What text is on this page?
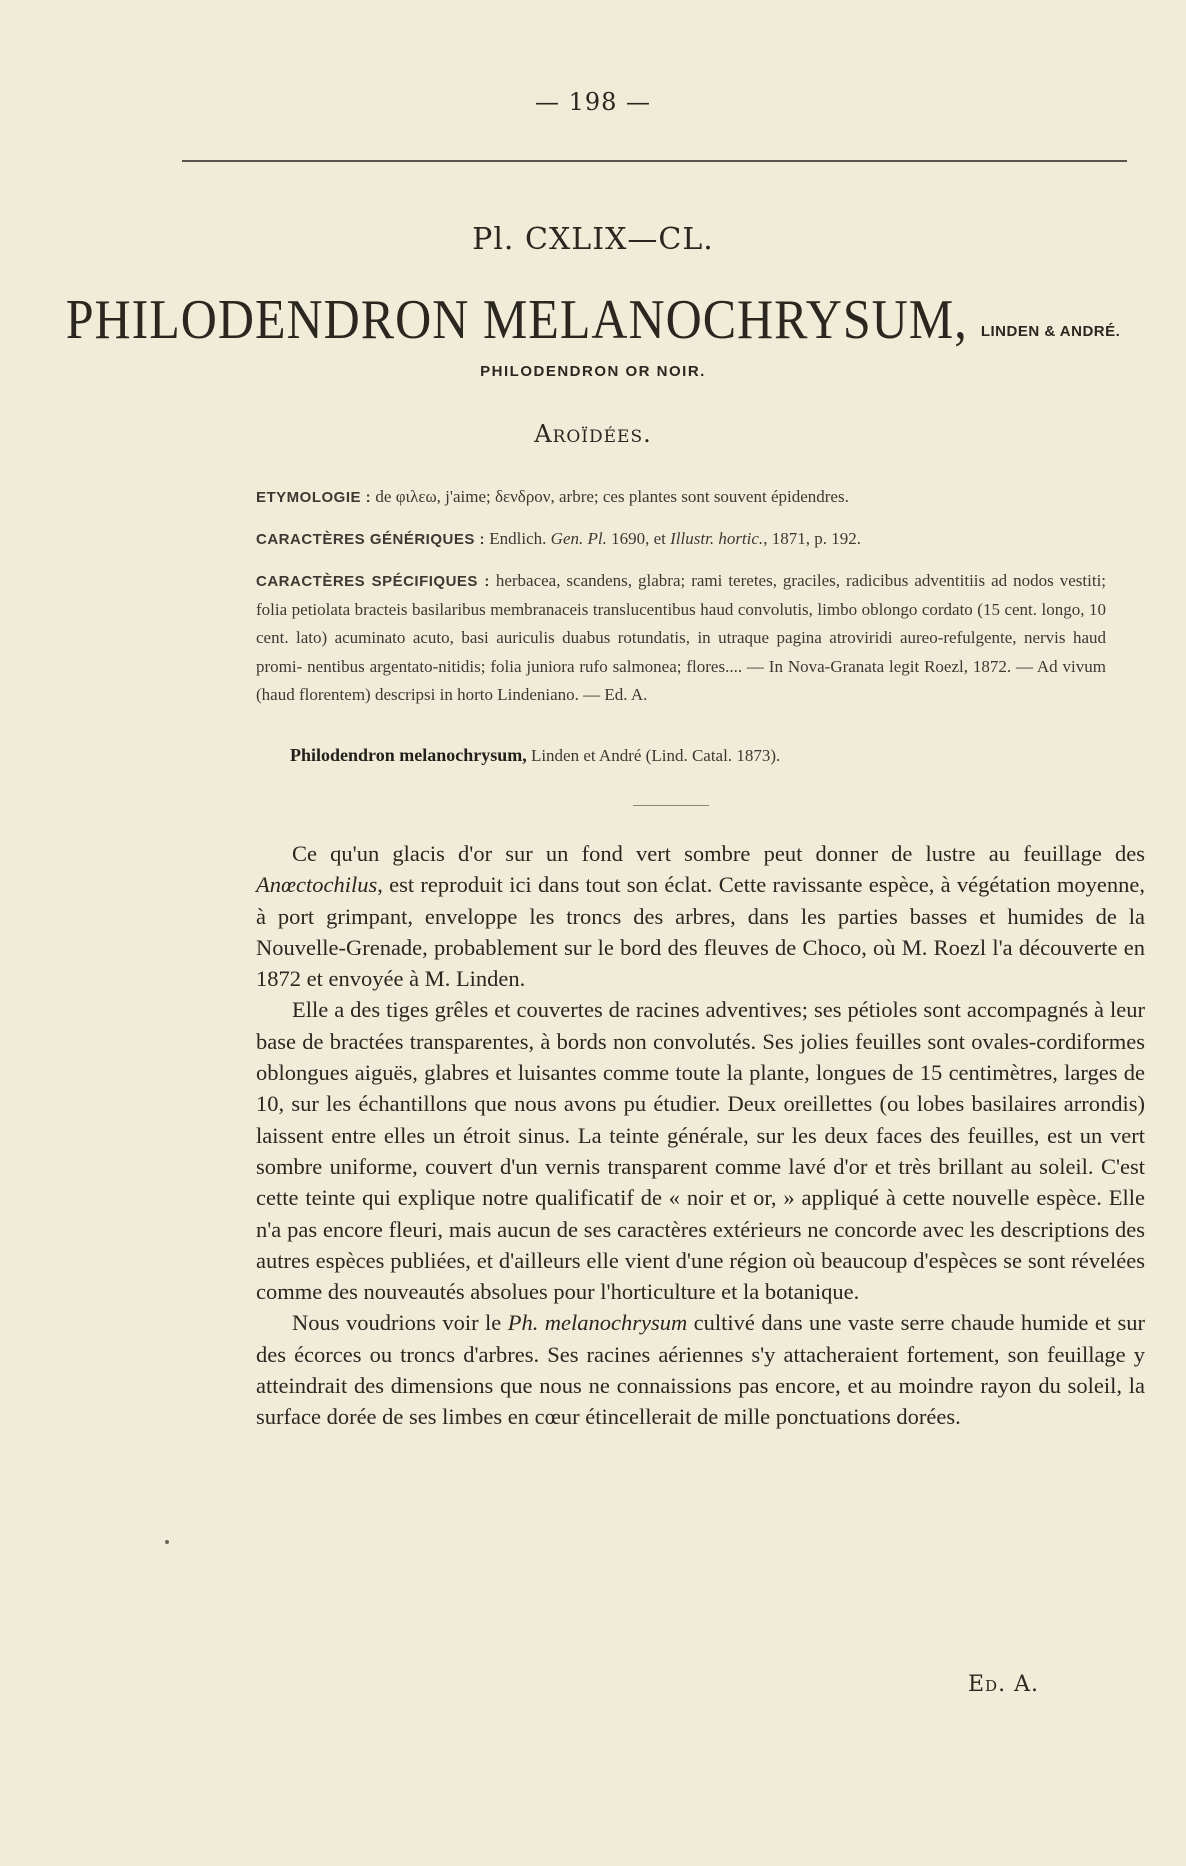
— 198 —
Pl. CXLIX—CL.
PHILODENDRON MELANOCHRYSUM, LINDEN & ANDRÉ.
PHILODENDRON OR NOIR.
Aroïdées.
ETYMOLOGIE : de φιλεω, j'aime; δενδρον, arbre; ces plantes sont souvent épidendres.
CARACTÈRES GÉNÉRIQUES : Endlich. Gen. Pl. 1690, et Illustr. hortic., 1871, p. 192.
CARACTÈRES SPÉCIFIQUES : herbacea, scandens, glabra; rami teretes, graciles, radicibus adventitiis ad nodos vestiti; folia petiolata bracteis basilaribus membranaceis translucentibus haud convolutis, limbo oblongo cordato (15 cent. longo, 10 cent. lato) acuminato acuto, basi auriculis duabus rotundatis, in utraque pagina atroviridi aureo-refulgente, nervis haud promi- nentibus argentato-nitidis; folia juniora rufo salmonea; flores.... — In Nova-Granata legit Roezl, 1872. — Ad vivum (haud florentem) descripsi in horto Lindeniano. — Ed. A.
Philodendron melanochrysum, Linden et André (Lind. Catal. 1873).

Ce qu'un glacis d'or sur un fond vert sombre peut donner de lustre au feuillage des Anœctochilus, est reproduit ici dans tout son éclat. Cette ravissante espèce, à végétation moyenne, à port grimpant, enveloppe les troncs des arbres, dans les parties basses et humides de la Nouvelle-Grenade, probablement sur le bord des fleuves de Choco, où M. Roezl l'a découverte en 1872 et envoyée à M. Linden.

Elle a des tiges grêles et couvertes de racines adventives; ses pétioles sont accompagnés à leur base de bractées transparentes, à bords non convolutés. Ses jolies feuilles sont ovales-cordiformes oblongues aiguës, glabres et luisantes comme toute la plante, longues de 15 centimètres, larges de 10, sur les échantillons que nous avons pu étudier. Deux oreillettes (ou lobes basilaires arrondis) laissent entre elles un étroit sinus. La teinte générale, sur les deux faces des feuilles, est un vert sombre uniforme, couvert d'un vernis transparent comme lavé d'or et très brillant au soleil. C'est cette teinte qui explique notre qualificatif de « noir et or, » appliqué à cette nouvelle espèce. Elle n'a pas encore fleuri, mais aucun de ses caractères extérieurs ne concorde avec les descriptions des autres espèces publiées, et d'ailleurs elle vient d'une région où beaucoup d'espèces se sont révelées comme des nouveautés absolues pour l'horticulture et la botanique.

Nous voudrions voir le Ph. melanochrysum cultivé dans une vaste serre chaude humide et sur des écorces ou troncs d'arbres. Ses racines aériennes s'y attacheraient fortement, son feuillage y atteindrait des dimensions que nous ne connaissions pas encore, et au moindre rayon du soleil, la surface dorée de ses limbes en cœur étincellerait de mille ponctuations dorées.

Ed. A.
